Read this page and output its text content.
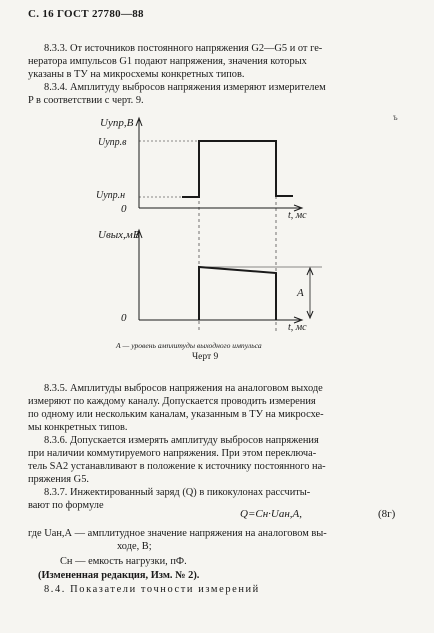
С. 16 ГОСТ 27780—88
8.3.3. От источников постоянного напряжения G2—G5 и от ге-
нератора импульсов G1 подают напряжения, значения которых
указаны в ТУ на микросхемы конкретных типов.
8.3.4. Амплитуду выбросов напряжения измеряют измерителем
P в соответствии с черт. 9.
ъ
Uупр,В
Uупр.в
Uупр.н
0
t, мс
Uвых,мВ
0
t, мс
A
А — уровень амплитуды выходного импульса
Черт 9
8.3.5. Амплитуды выбросов напряжения на аналоговом выходе
измеряют по каждому каналу. Допускается проводить измерения
по одному или нескольким каналам, указанным в ТУ на микросхе-
мы конкретных типов.
8.3.6. Допускается измерять амплитуду выбросов напряжения
при наличии коммутируемого напряжения. При этом переключа-
тель SA2 устанавливают в положение к источнику постоянного на-
пряжения G5.
8.3.7. Инжектированный заряд (Q) в пикокулонах рассчиты-
вают по формуле
Q=Cн·Uан,А,	(8г)
где Uан,А — амплитудное значение напряжения на аналоговом вы-
ходе, В;
Cн — емкость нагрузки, пФ.
(Измененная редакция, Изм. № 2).
8.4. Показатели точности измерений
